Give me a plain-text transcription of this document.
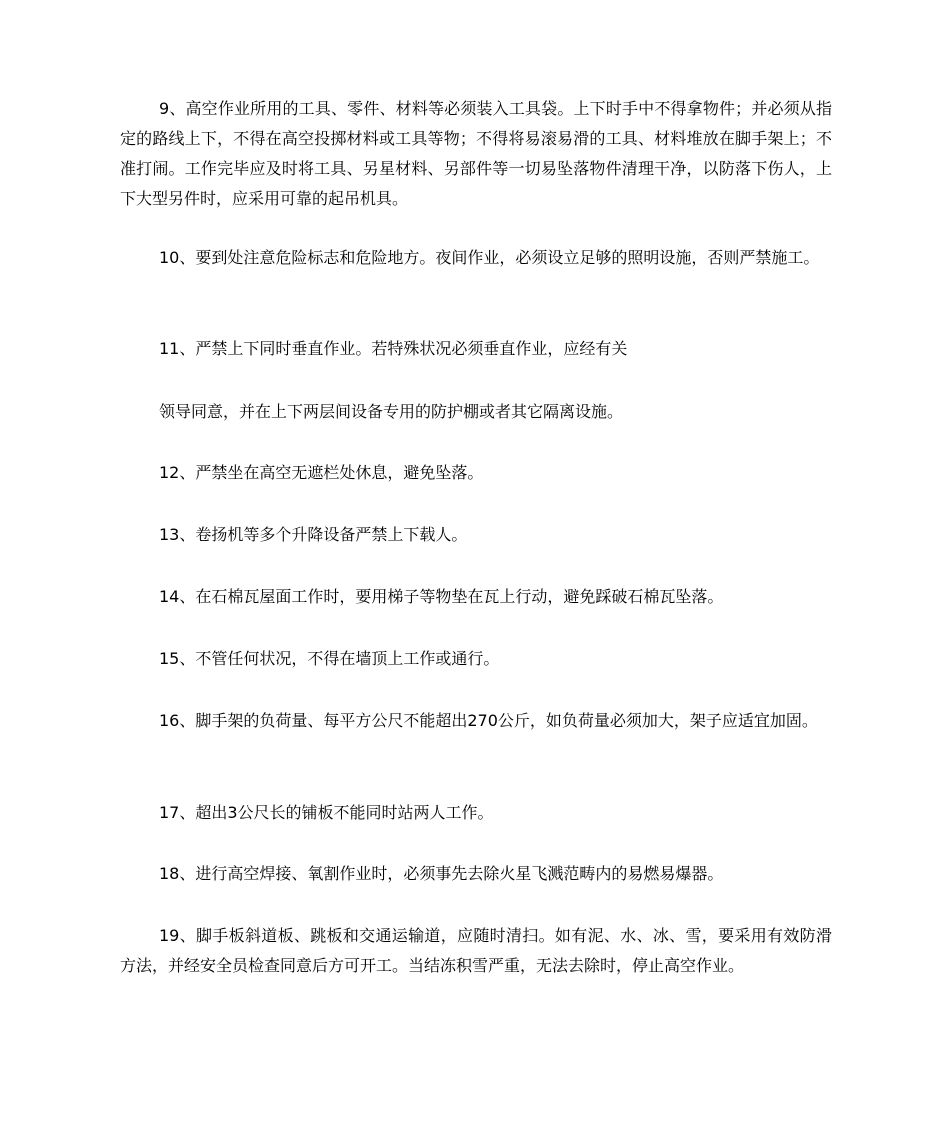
9、高空作业所用的工具、零件、材料等必须装入工具袋。上下时手中不得拿物件；并必须从指定的路线上下，不得在高空投掷材料或工具等物；不得将易滚易滑的工具、材料堆放在脚手架上；不准打闹。工作完毕应及时将工具、另星材料、另部件等一切易坠落物件清理干净，以防落下伤人，上下大型另件时，应采用可靠的起吊机具。

10、要到处注意危险标志和危险地方。夜间作业，必须设立足够的照明设施，否则严禁施工。

11、严禁上下同时垂直作业。若特殊状况必须垂直作业，应经有关

领导同意，并在上下两层间设备专用的防护棚或者其它隔离设施。

12、严禁坐在高空无遮栏处休息，避免坠落。

13、卷扬机等多个升降设备严禁上下载人。

14、在石棉瓦屋面工作时，要用梯子等物垫在瓦上行动，避免踩破石棉瓦坠落。

15、不管任何状况，不得在墙顶上工作或通行。

16、脚手架的负荷量、每平方公尺不能超出270公斤，如负荷量必须加大，架子应适宜加固。

17、超出3公尺长的铺板不能同时站两人工作。

18、进行高空焊接、氧割作业时，必须事先去除火星飞溅范畴内的易燃易爆器。

19、脚手板斜道板、跳板和交通运输道，应随时清扫。如有泥、水、冰、雪，要采用有效防滑方法，并经安全员检查同意后方可开工。当结冻积雪严重，无法去除时，停止高空作业。
